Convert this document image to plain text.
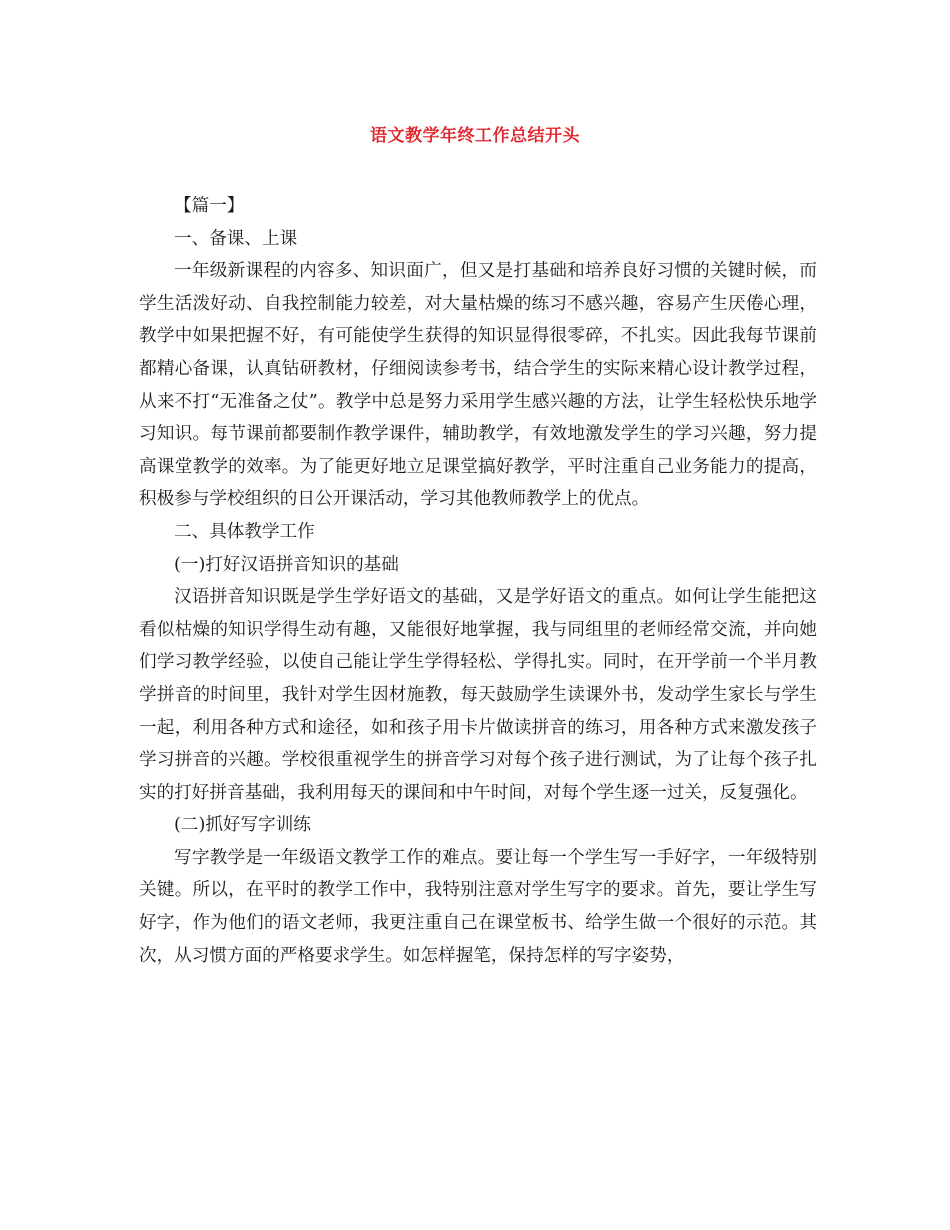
语文教学年终工作总结开头

【篇一】

一、备课、上课

一年级新课程的内容多、知识面广，但又是打基础和培养良好习惯的关键时候，而学生活泼好动、自我控制能力较差，对大量枯燥的练习不感兴趣，容易产生厌倦心理，教学中如果把握不好，有可能使学生获得的知识显得很零碎，不扎实。因此我每节课前都精心备课，认真钻研教材，仔细阅读参考书，结合学生的实际来精心设计教学过程，从来不打“无准备之仗”。教学中总是努力采用学生感兴趣的方法，让学生轻松快乐地学习知识。每节课前都要制作教学课件，辅助教学，有效地激发学生的学习兴趣，努力提高课堂教学的效率。为了能更好地立足课堂搞好教学，平时注重自己业务能力的提高，积极参与学校组织的日公开课活动，学习其他教师教学上的优点。

二、具体教学工作

(一)打好汉语拼音知识的基础

汉语拼音知识既是学生学好语文的基础，又是学好语文的重点。如何让学生能把这看似枯燥的知识学得生动有趣，又能很好地掌握，我与同组里的老师经常交流，并向她们学习教学经验，以使自己能让学生学得轻松、学得扎实。同时，在开学前一个半月教学拼音的时间里，我针对学生因材施教，每天鼓励学生读课外书，发动学生家长与学生一起，利用各种方式和途径，如和孩子用卡片做读拼音的练习，用各种方式来激发孩子学习拼音的兴趣。学校很重视学生的拼音学习对每个孩子进行测试，为了让每个孩子扎实的打好拼音基础，我利用每天的课间和中午时间，对每个学生逐一过关，反复强化。

(二)抓好写字训练

写字教学是一年级语文教学工作的难点。要让每一个学生写一手好字，一年级特别关键。所以，在平时的教学工作中，我特别注意对学生写字的要求。首先，要让学生写好字，作为他们的语文老师，我更注重自己在课堂板书、给学生做一个很好的示范。其次，从习惯方面的严格要求学生。如怎样握笔，保持怎样的写字姿势，
